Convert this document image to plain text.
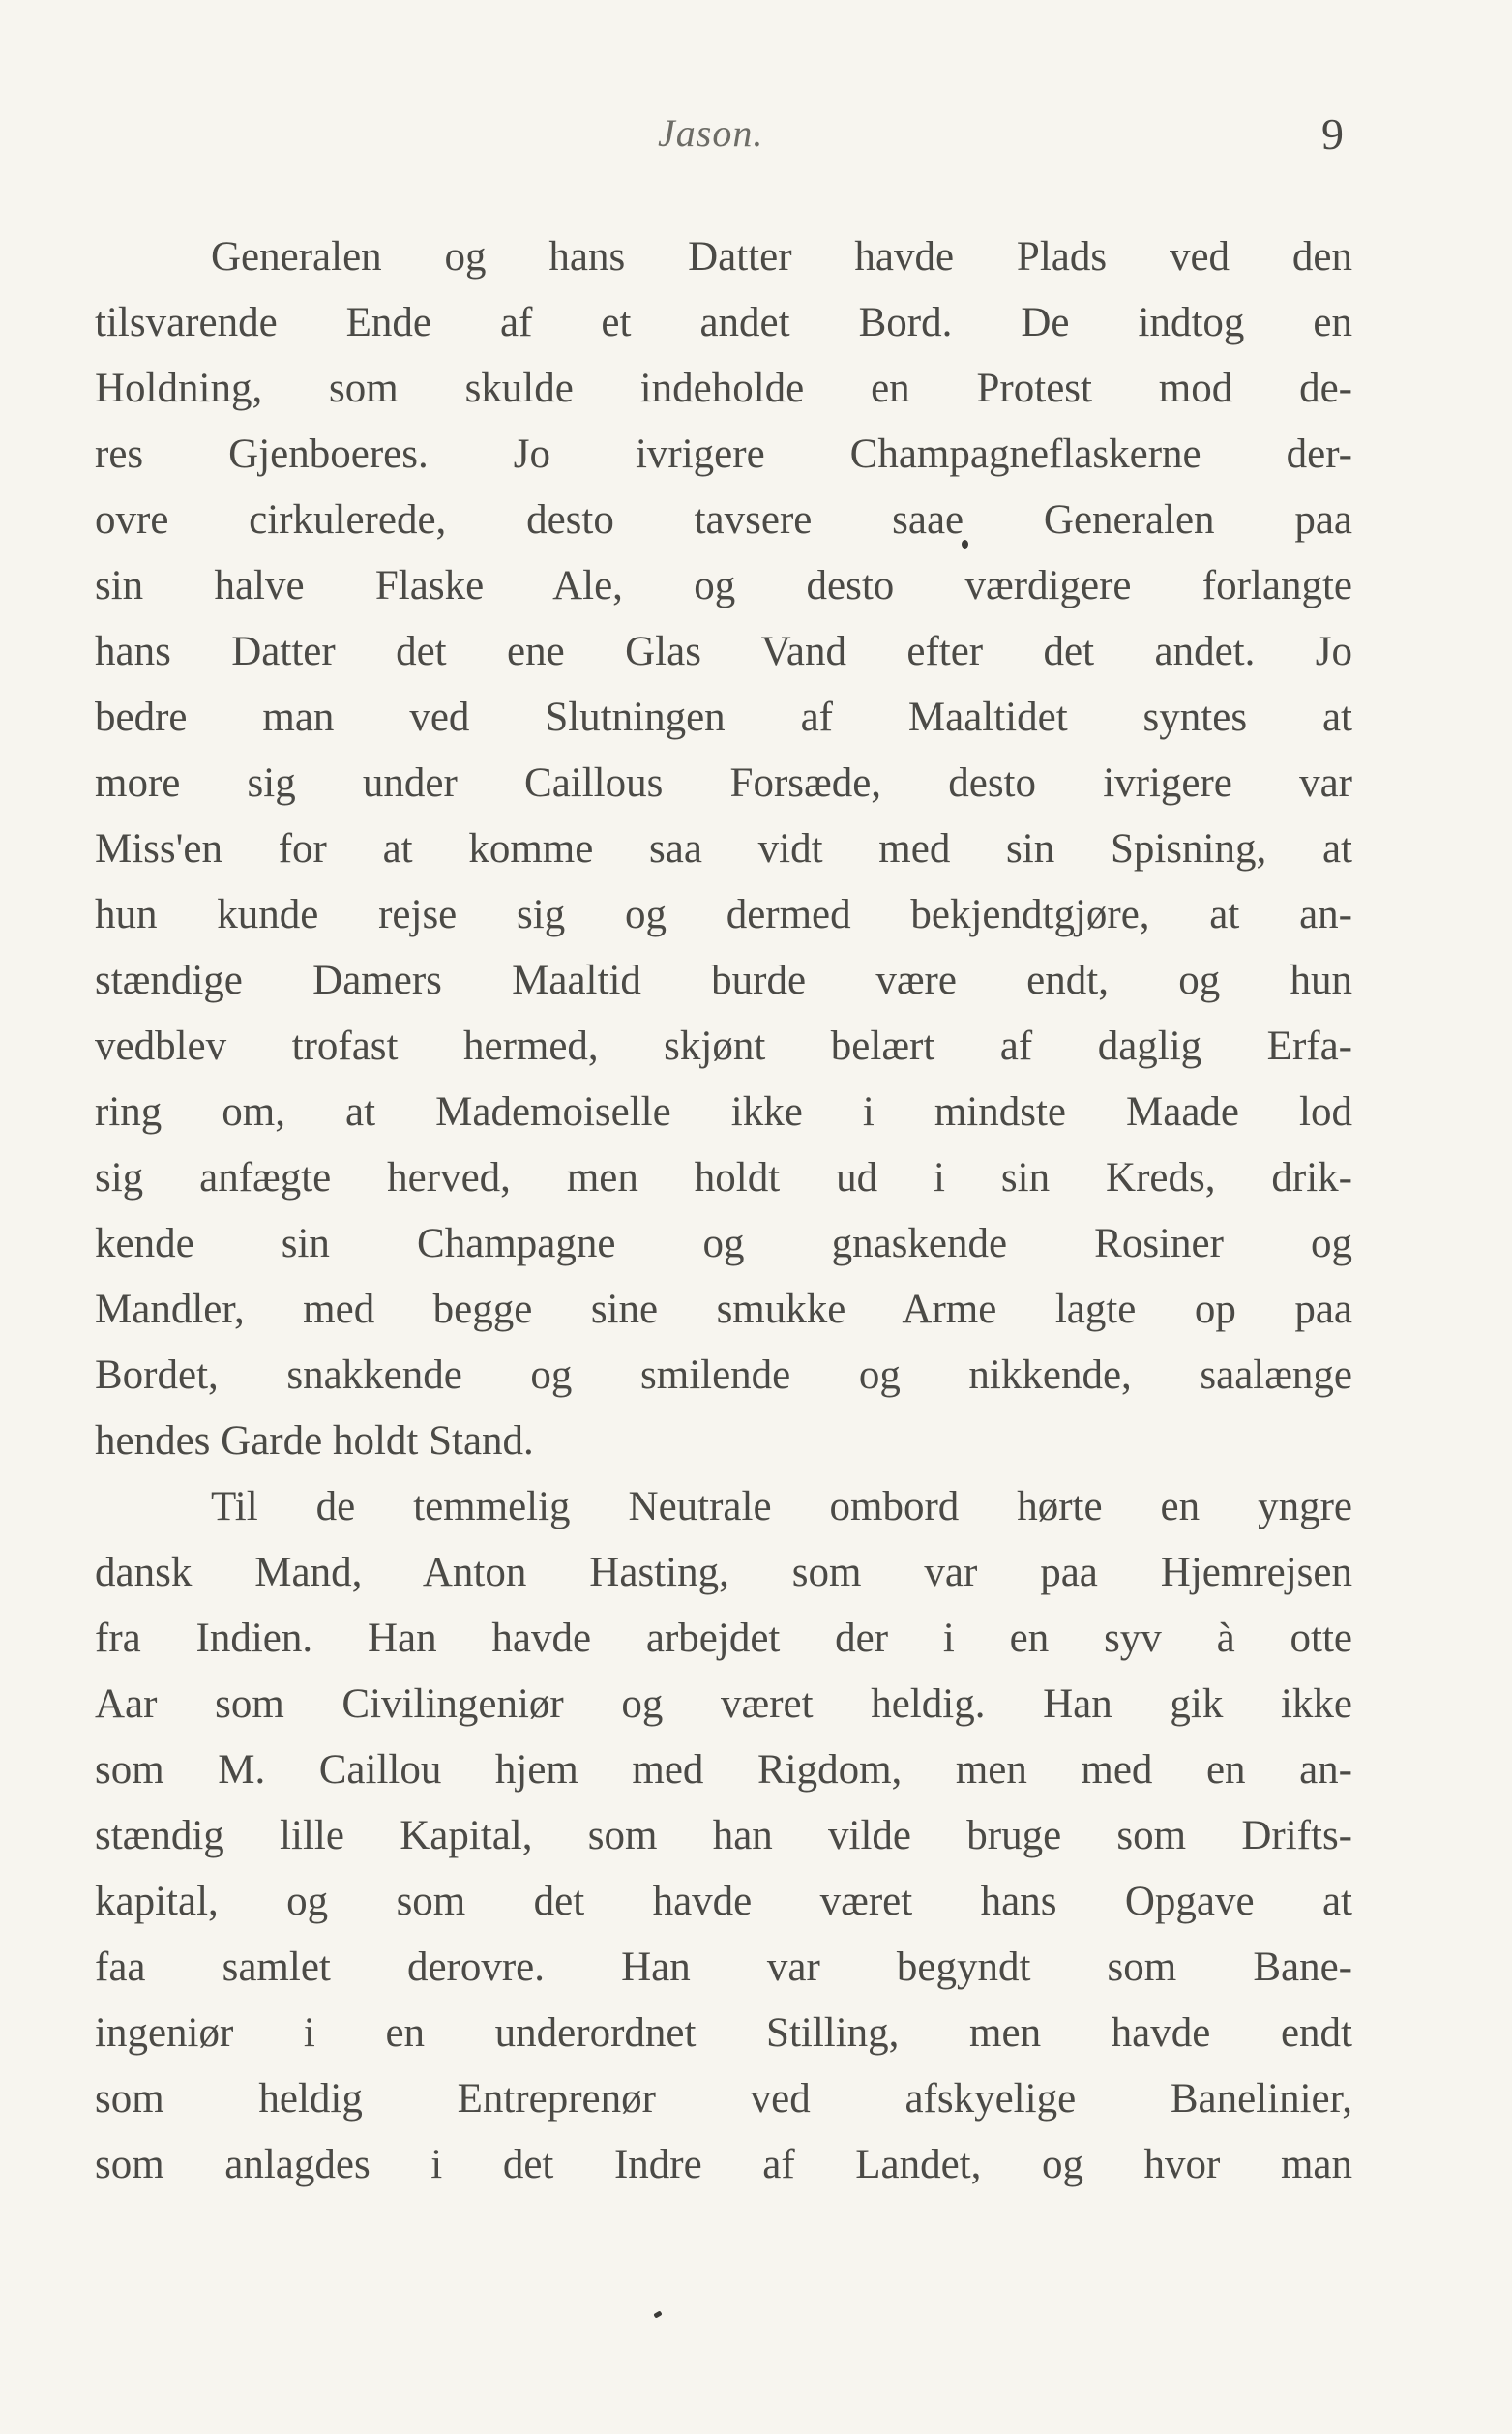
Jason.	9
Generalen og hans Datter havde Plads ved den
tilsvarende Ende af et andet Bord. De indtog en
Holdning, som skulde indeholde en Protest mod de-
res Gjenboeres. Jo ivrigere Champagneflaskerne der-
ovre cirkulerede, desto tavsere saae Generalen paa
sin halve Flaske Ale, og desto værdigere forlangte
hans Datter det ene Glas Vand efter det andet. Jo
bedre man ved Slutningen af Maaltidet syntes at
more sig under Caillous Forsæde, desto ivrigere var
Miss'en for at komme saa vidt med sin Spisning, at
hun kunde rejse sig og dermed bekjendtgjøre, at an-
stændige Damers Maaltid burde være endt, og hun
vedblev trofast hermed, skjønt belært af daglig Erfa-
ring om, at Mademoiselle ikke i mindste Maade lod
sig anfægte herved, men holdt ud i sin Kreds, drik-
kende sin Champagne og gnaskende Rosiner og
Mandler, med begge sine smukke Arme lagte op paa
Bordet, snakkende og smilende og nikkende, saalænge
hendes Garde holdt Stand.
Til de temmelig Neutrale ombord hørte en yngre
dansk Mand, Anton Hasting, som var paa Hjemrejsen
fra Indien. Han havde arbejdet der i en syv à otte
Aar som Civilingeniør og været heldig. Han gik ikke
som M. Caillou hjem med Rigdom, men med en an-
stændig lille Kapital, som han vilde bruge som Drifts-
kapital, og som det havde været hans Opgave at
faa samlet derovre. Han var begyndt som Bane-
ingeniør i en underordnet Stilling, men havde endt
som heldig Entreprenør ved afskyelige Banelinier,
som anlagdes i det Indre af Landet, og hvor man
